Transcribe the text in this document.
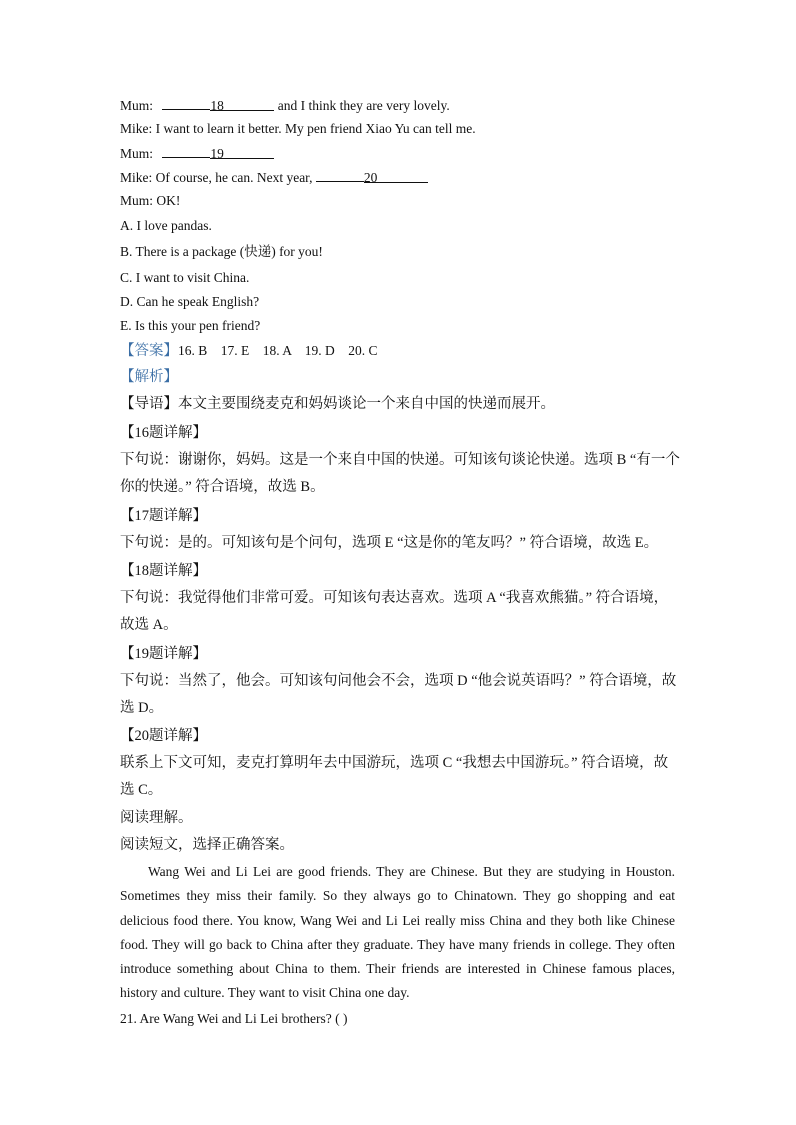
Mum:	18	and I think they are very lovely.
Mike: I want to learn it better. My pen friend Xiao Yu can tell me.
Mum:	19
Mike: Of course, he can. Next year,	20
Mum: OK!
A. I love pandas.
B. There is a package (快递) for you!
C. I want to visit China.
D. Can he speak English?
E. Is this your pen friend?
【答案】16. B    17. E    18. A    19. D    20. C
【解析】
【导语】本文主要围绕麦克和妈妈谈论一个来自中国的快递而展开。
【16题详解】
下句说：谢谢你，妈妈。这是一个来自中国的快递。可知该句谈论快递。选项 B “有一个
你的快递。” 符合语境，故选 B。
【17题详解】
下句说：是的。可知该句是个问句，选项 E “这是你的笔友吗？” 符合语境，故选 E。
【18题详解】
下句说：我觉得他们非常可爱。可知该句表达喜欢。选项 A “我喜欢熊猫。” 符合语境，
故选 A。
【19题详解】
下句说：当然了，他会。可知该句问他会不会，选项 D “他会说英语吗？” 符合语境，故
选 D。
【20题详解】
联系上下文可知，麦克打算明年去中国游玩，选项 C “我想去中国游玩。” 符合语境，故
选 C。
阅读理解。
阅读短文，选择正确答案。
Wang Wei and Li Lei are good friends. They are Chinese. But they are studying in Houston. Sometimes they miss their family. So they always go to Chinatown. They go shopping and eat delicious food there. You know, Wang Wei and Li Lei really miss China and they both like Chinese food. They will go back to China after they graduate. They have many friends in college. They often introduce something about China to them. Their friends are interested in Chinese famous places, history and culture. They want to visit China one day.
21. Are Wang Wei and Li Lei brothers? ( )
